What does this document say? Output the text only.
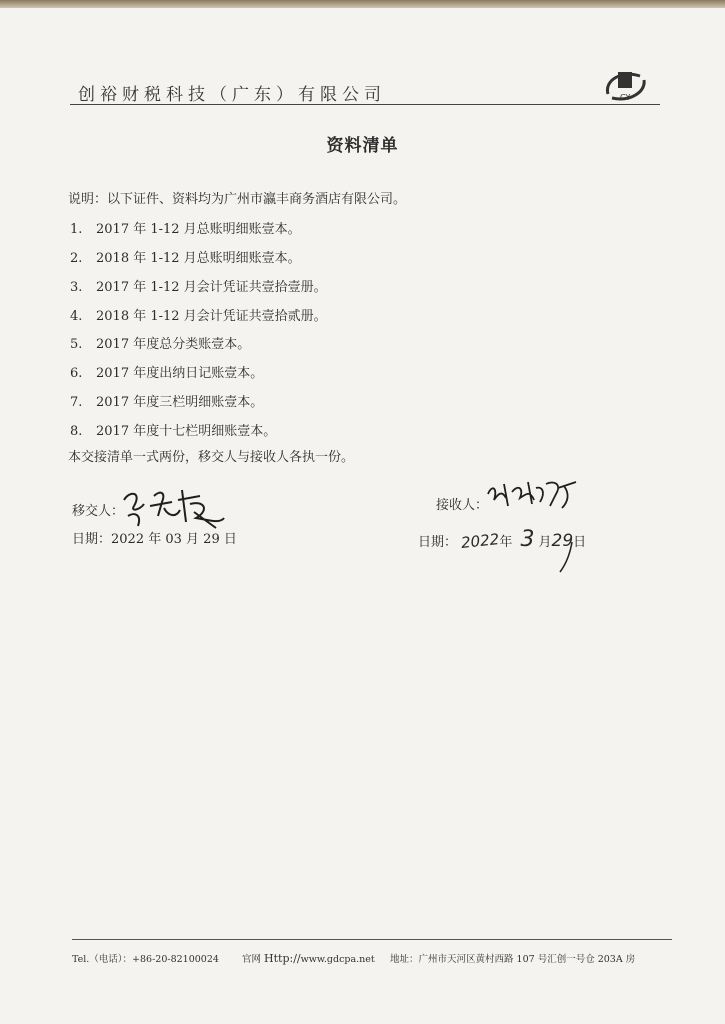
创裕财税科技（广东）有限公司	CY
资料清单
说明：以下证件、资料均为广州市瀛丰商务酒店有限公司。
1. 2017 年 1-12 月总账明细账壹本。
2. 2018 年 1-12 月总账明细账壹本。
3. 2017 年 1-12 月会计凭证共壹拾壹册。
4. 2018 年 1-12 月会计凭证共壹拾贰册。
5. 2017 年度总分类账壹本。
6. 2017 年度出纳日记账壹本。
7. 2017 年度三栏明细账壹本。
8. 2017 年度十七栏明细账壹本。
本交接清单一式两份，移交人与接收人各执一份。
移交人：
日期：2022 年 03 月 29 日
接收人：
日期： 2022年 3 月29日
Tel.（电话）：+86-20-82100024 官网 Http://www.gdcpa.net 地址：广州市天河区黄村西路 107 号汇创一号仓 203A 房
